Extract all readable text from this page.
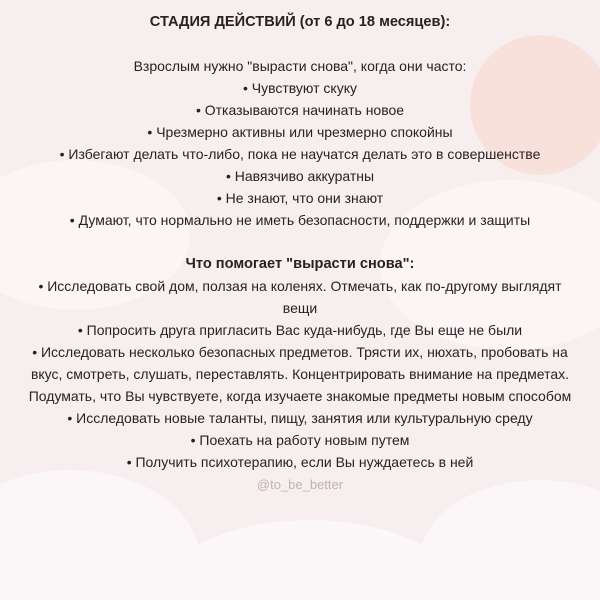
СТАДИЯ ДЕЙСТВИЙ (от 6 до 18 месяцев):

Взрослым нужно "вырасти снова", когда они часто:

• Чувствуют скуку
• Отказываются начинать новое
• Чрезмерно активны или чрезмерно спокойны
• Избегают делать что-либо, пока не научатся делать это в совершенстве
• Навязчиво аккуратны
• Не знают, что они знают
• Думают, что нормально не иметь безопасности, поддержки и защиты

Что помогает "вырасти снова":

• Исследовать свой дом, ползая на коленях. Отмечать, как по-другому выглядят вещи
• Попросить друга пригласить Вас куда-нибудь, где Вы еще не были
• Исследовать несколько безопасных предметов. Трясти их, нюхать, пробовать на вкус, смотреть, слушать, переставлять. Концентрировать внимание на предметах. Подумать, что Вы чувствуете, когда изучаете знакомые предметы новым способом
• Исследовать новые таланты, пищу, занятия или культуральную среду
• Поехать на работу новым путем
• Получить психотерапию, если Вы нуждаетесь в ней
@to_be_better
